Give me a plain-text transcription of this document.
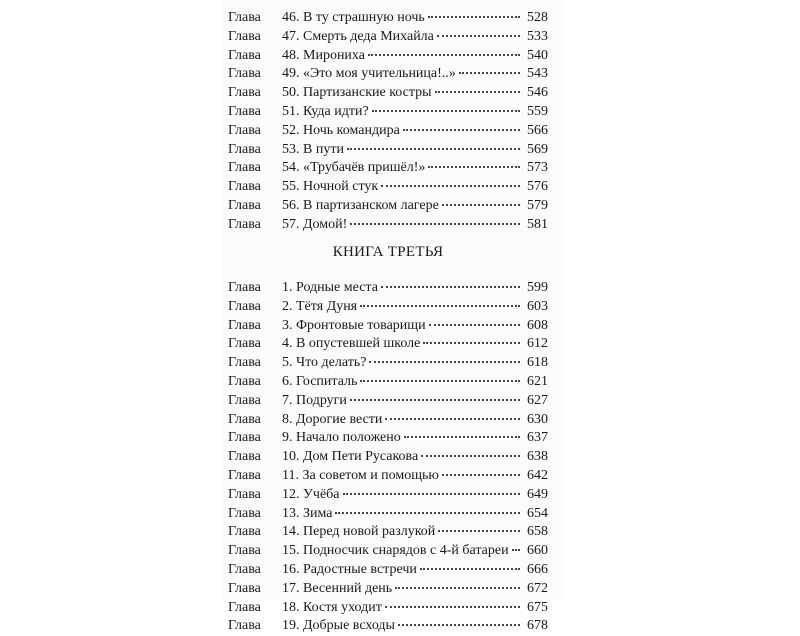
Глава	46. В ту страшную ночь	528
Глава	47. Смерть деда Михайла	533
Глава	48. Мирониха	540
Глава	49. «Это моя учительница!..»	543
Глава	50. Партизанские костры	546
Глава	51. Куда идти?	559
Глава	52. Ночь командира	566
Глава	53. В пути	569
Глава	54. «Трубачёв пришёл!»	573
Глава	55. Ночной стук	576
Глава	56. В партизанском лагере	579
Глава	57. Домой!	581
КНИГА ТРЕТЬЯ
Глава	1. Родные места	599
Глава	2. Тётя Дуня	603
Глава	3. Фронтовые товарищи	608
Глава	4. В опустевшей школе	612
Глава	5. Что делать?	618
Глава	6. Госпиталь	621
Глава	7. Подруги	627
Глава	8. Дорогие вести	630
Глава	9. Начало положено	637
Глава	10. Дом Пети Русакова	638
Глава	11. За советом и помощью	642
Глава	12. Учёба	649
Глава	13. Зима	654
Глава	14. Перед новой разлукой	658
Глава	15. Подносчик снарядов с 4-й батареи	660
Глава	16. Радостные встречи	666
Глава	17. Весенний день	672
Глава	18. Костя уходит	675
Глава	19. Добрые всходы	678
